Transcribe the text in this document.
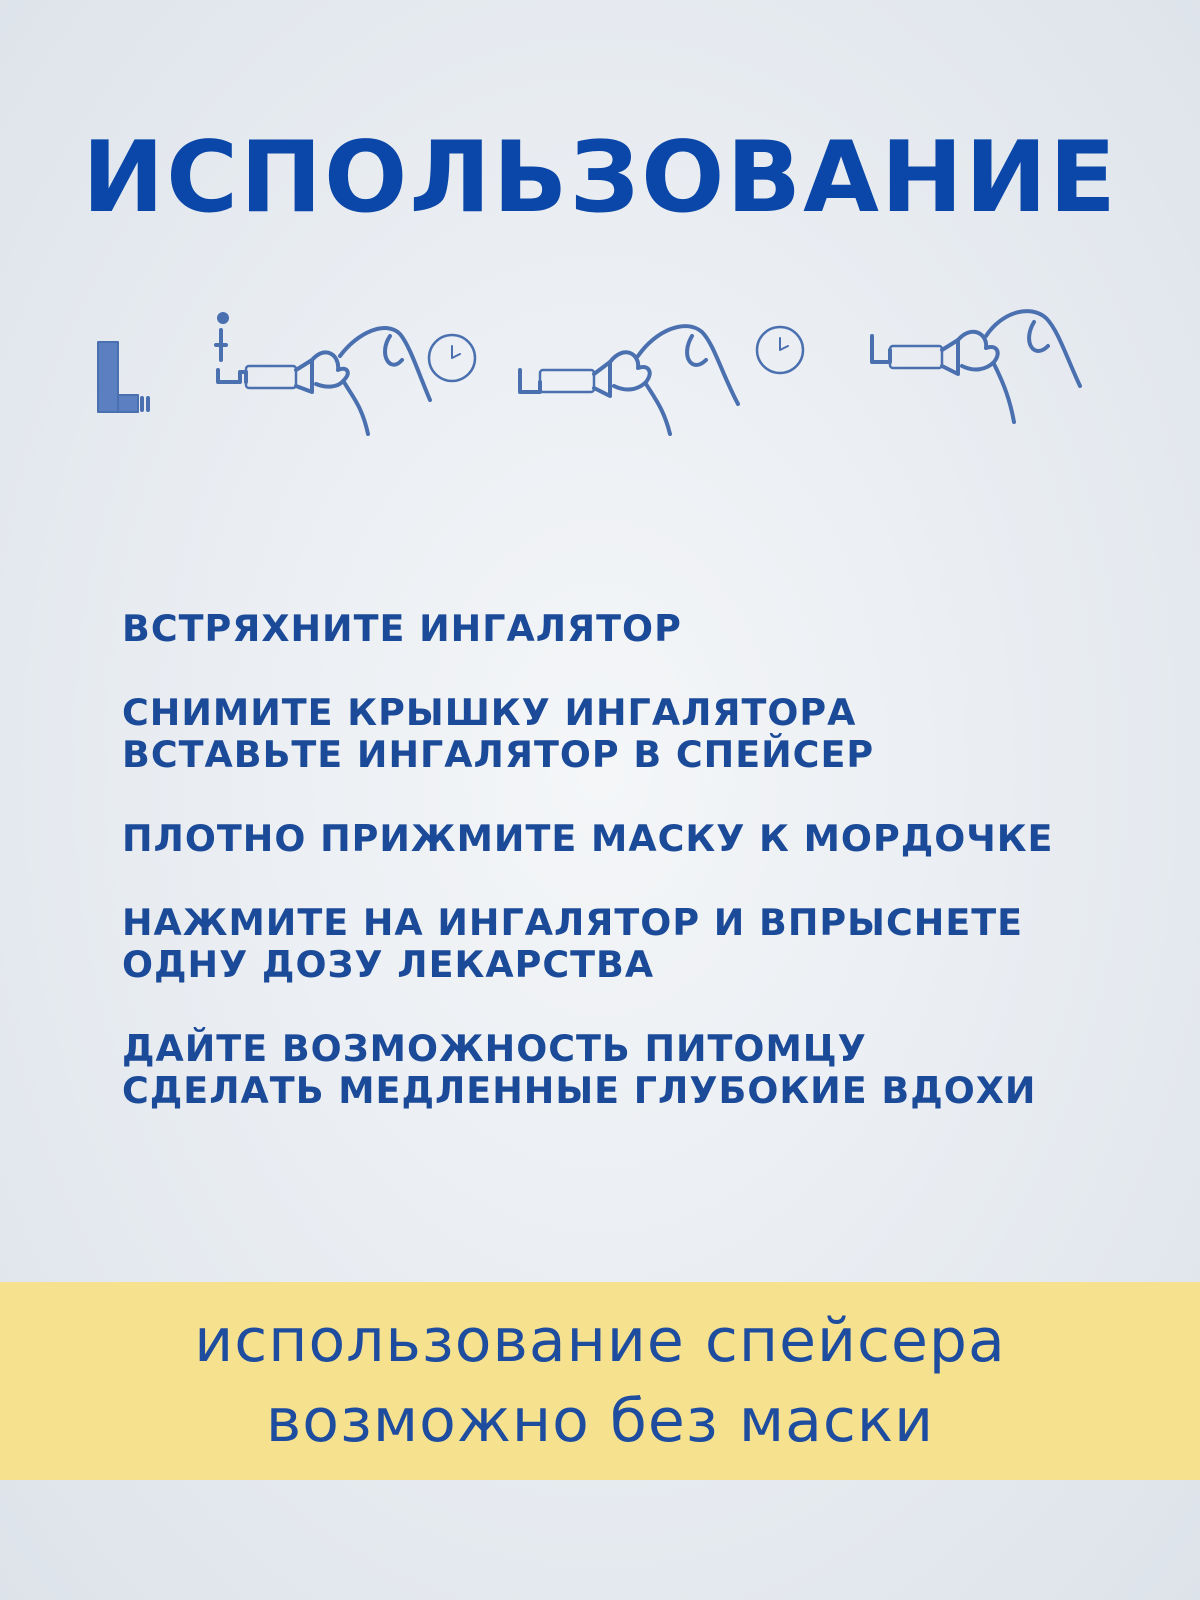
ИСПОЛЬЗОВАНИЕ
ВСТРЯХНИТЕ ИНГАЛЯТОР
СНИМИТЕ КРЫШКУ ИНГАЛЯТОРА
ВСТАВЬТЕ ИНГАЛЯТОР В СПЕЙСЕР
ПЛОТНО ПРИЖМИТЕ МАСКУ К МОРДОЧКЕ
НАЖМИТЕ НА ИНГАЛЯТОР И ВПРЫСНЕТЕ
ОДНУ ДОЗУ ЛЕКАРСТВА
ДАЙТЕ ВОЗМОЖНОСТЬ ПИТОМЦУ
СДЕЛАТЬ МЕДЛЕННЫЕ ГЛУБОКИЕ ВДОХИ
использование спейсера
возможно без маски
